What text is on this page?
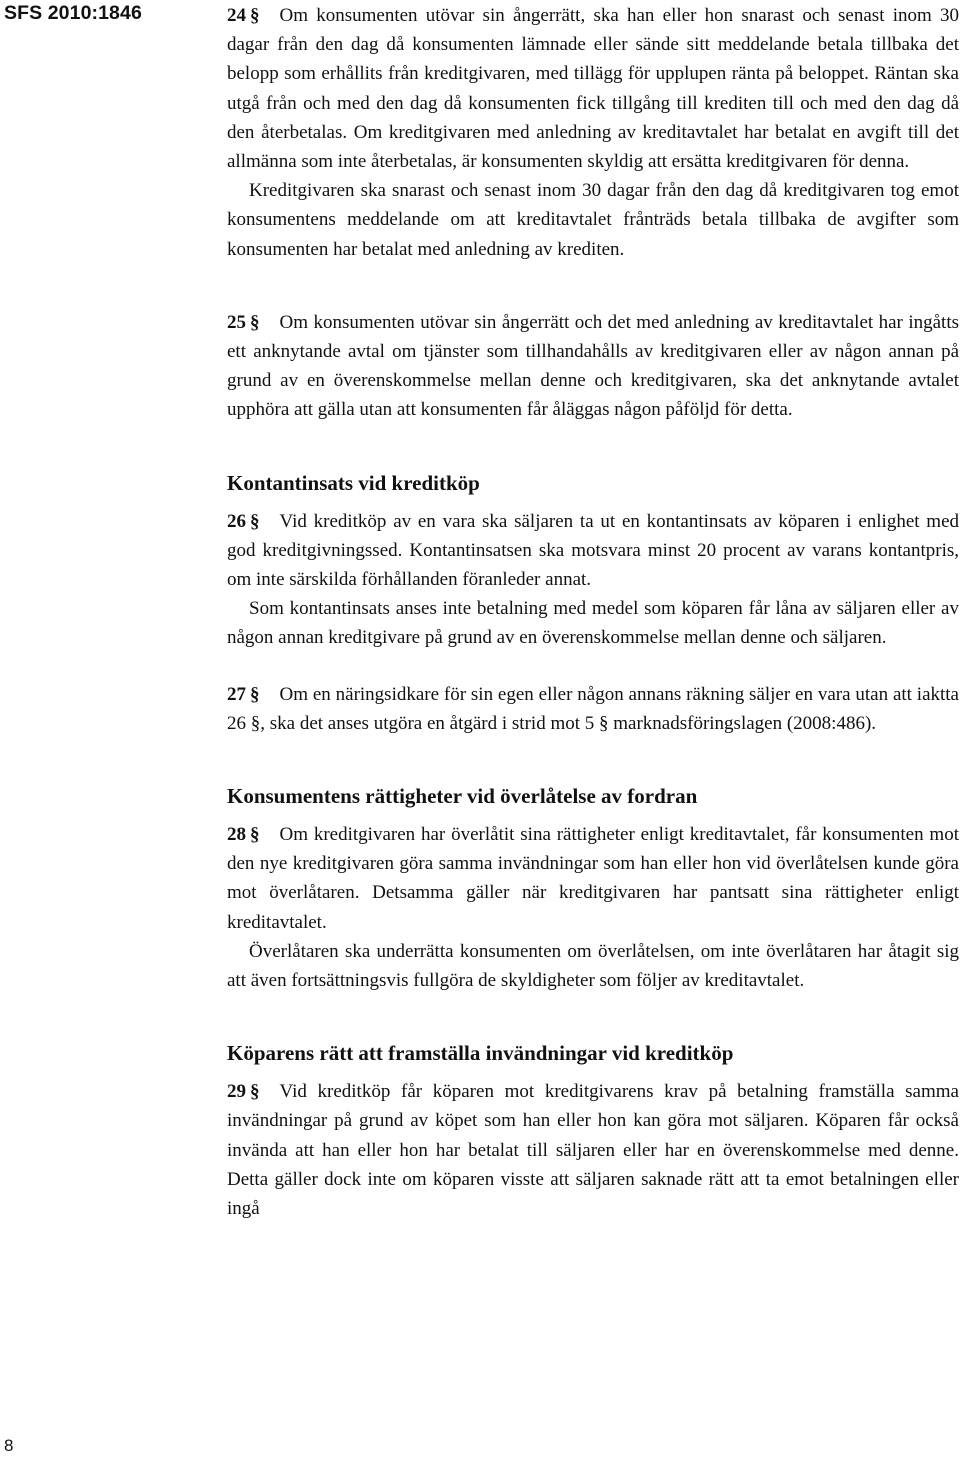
SFS 2010:1846
8

24 § Om konsumenten utövar sin ångerrätt, ska han eller hon snarast och senast inom 30 dagar från den dag då konsumenten lämnade eller sände sitt meddelande betala tillbaka det belopp som erhållits från kreditgivaren, med tillägg för upplupen ränta på beloppet. Räntan ska utgå från och med den dag då konsumenten fick tillgång till krediten till och med den dag då den återbetalas. Om kreditgivaren med anledning av kreditavtalet har betalat en avgift till det allmänna som inte återbetalas, är konsumenten skyldig att ersätta kreditgivaren för denna.

Kreditgivaren ska snarast och senast inom 30 dagar från den dag då kreditgivaren tog emot konsumentens meddelande om att kreditavtalet frånträds betala tillbaka de avgifter som konsumenten har betalat med anledning av krediten.

25 § Om konsumenten utövar sin ångerrätt och det med anledning av kreditavtalet har ingåtts ett anknytande avtal om tjänster som tillhandahålls av kreditgivaren eller av någon annan på grund av en överenskommelse mellan denne och kreditgivaren, ska det anknytande avtalet upphöra att gälla utan att konsumenten får åläggas någon påföljd för detta.

Kontantinsats vid kreditköp

26 § Vid kreditköp av en vara ska säljaren ta ut en kontantinsats av köparen i enlighet med god kreditgivningssed. Kontantinsatsen ska motsvara minst 20 procent av varans kontantpris, om inte särskilda förhållanden föranleder annat.

Som kontantinsats anses inte betalning med medel som köparen får låna av säljaren eller av någon annan kreditgivare på grund av en överenskommelse mellan denne och säljaren.

27 § Om en näringsidkare för sin egen eller någon annans räkning säljer en vara utan att iaktta 26 §, ska det anses utgöra en åtgärd i strid mot 5 § marknadsföringslagen (2008:486).

Konsumentens rättigheter vid överlåtelse av fordran

28 § Om kreditgivaren har överlåtit sina rättigheter enligt kreditavtalet, får konsumenten mot den nye kreditgivaren göra samma invändningar som han eller hon vid överlåtelsen kunde göra mot överlåtaren. Detsamma gäller när kreditgivaren har pantsatt sina rättigheter enligt kreditavtalet.

Överlåtaren ska underrätta konsumenten om överlåtelsen, om inte överlåtaren har åtagit sig att även fortsättningsvis fullgöra de skyldigheter som följer av kreditavtalet.

Köparens rätt att framställa invändningar vid kreditköp

29 § Vid kreditköp får köparen mot kreditgivarens krav på betalning framställa samma invändningar på grund av köpet som han eller hon kan göra mot säljaren. Köparen får också invända att han eller hon har betalat till säljaren eller har en överenskommelse med denne. Detta gäller dock inte om köparen visste att säljaren saknade rätt att ta emot betalningen eller ingå
